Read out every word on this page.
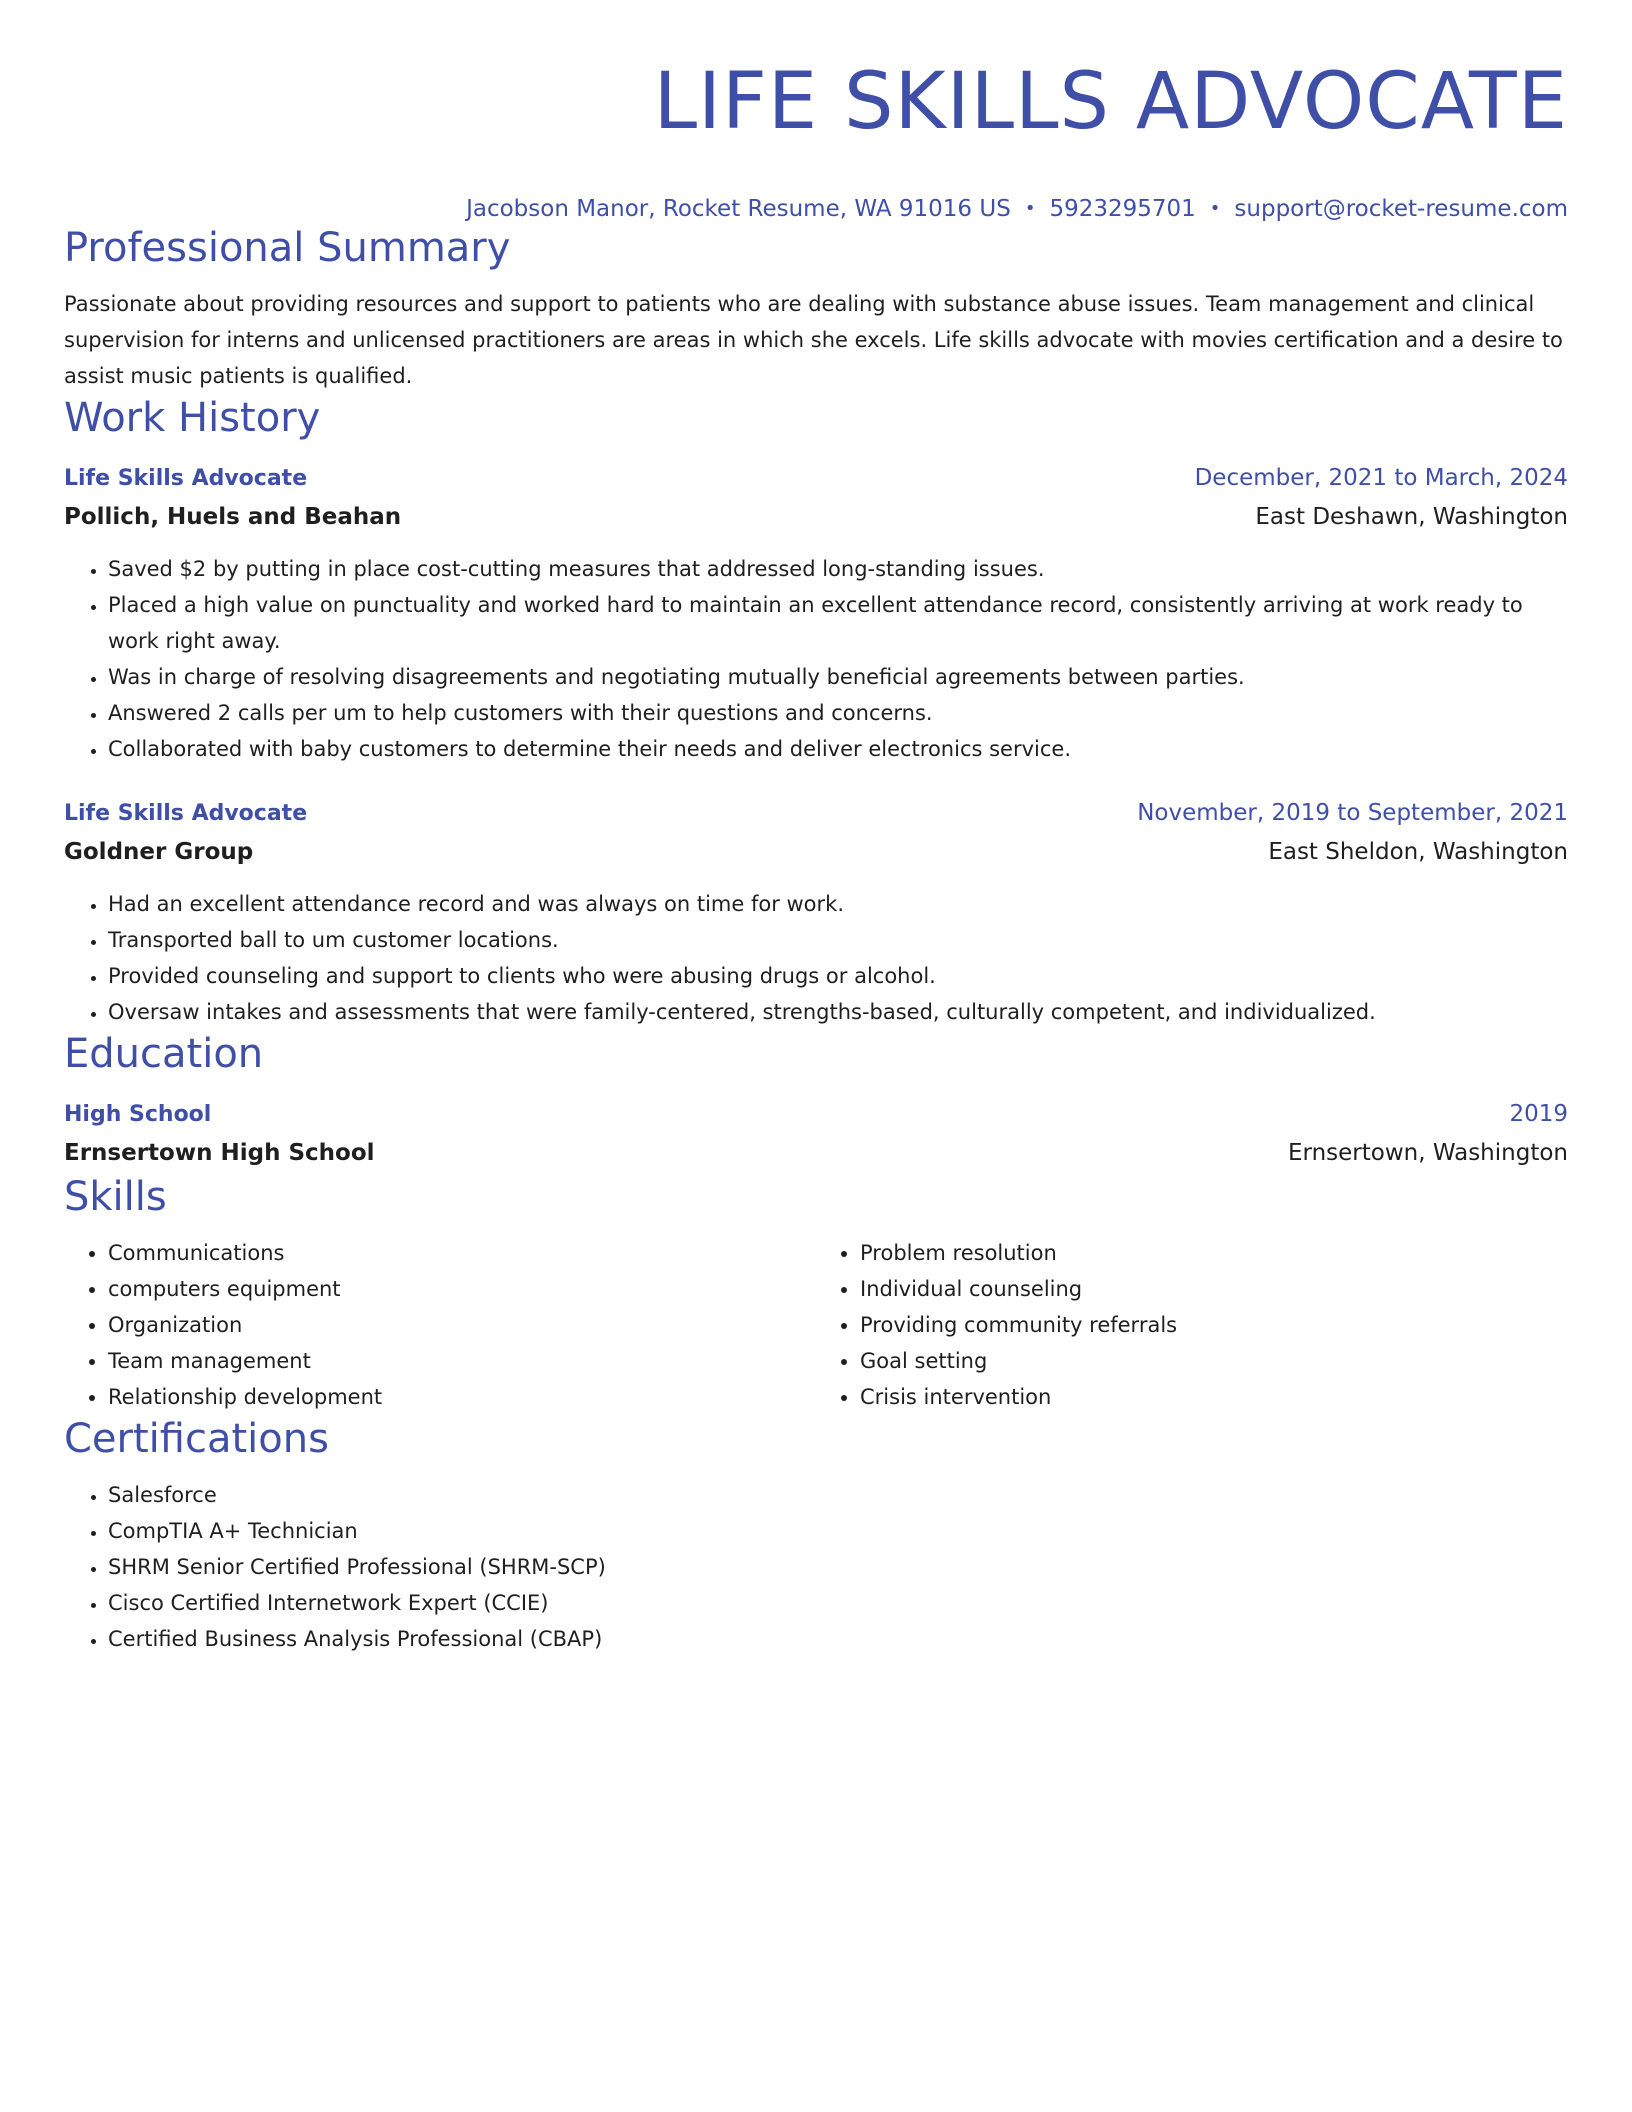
LIFE SKILLS ADVOCATE
Jacobson Manor, Rocket Resume, WA 91016 US • 5923295701 • support@rocket-resume.com
Professional Summary
Passionate about providing resources and support to patients who are dealing with substance abuse issues. Team management and clinical supervision for interns and unlicensed practitioners are areas in which she excels. Life skills advocate with movies certification and a desire to assist music patients is qualified.
Work History
Life Skills Advocate	December, 2021 to March, 2024
Pollich, Huels and Beahan	East Deshawn, Washington
• Saved $2 by putting in place cost-cutting measures that addressed long-standing issues.
• Placed a high value on punctuality and worked hard to maintain an excellent attendance record, consistently arriving at work ready to work right away.
• Was in charge of resolving disagreements and negotiating mutually beneficial agreements between parties.
• Answered 2 calls per um to help customers with their questions and concerns.
• Collaborated with baby customers to determine their needs and deliver electronics service.
Life Skills Advocate	November, 2019 to September, 2021
Goldner Group	East Sheldon, Washington
• Had an excellent attendance record and was always on time for work.
• Transported ball to um customer locations.
• Provided counseling and support to clients who were abusing drugs or alcohol.
• Oversaw intakes and assessments that were family-centered, strengths-based, culturally competent, and individualized.
Education
High School	2019
Ernsertown High School	Ernsertown, Washington
Skills
• Communications
• computers equipment
• Organization
• Team management
• Relationship development
• Problem resolution
• Individual counseling
• Providing community referrals
• Goal setting
• Crisis intervention
Certifications
• Salesforce
• CompTIA A+ Technician
• SHRM Senior Certified Professional (SHRM-SCP)
• Cisco Certified Internetwork Expert (CCIE)
• Certified Business Analysis Professional (CBAP)
